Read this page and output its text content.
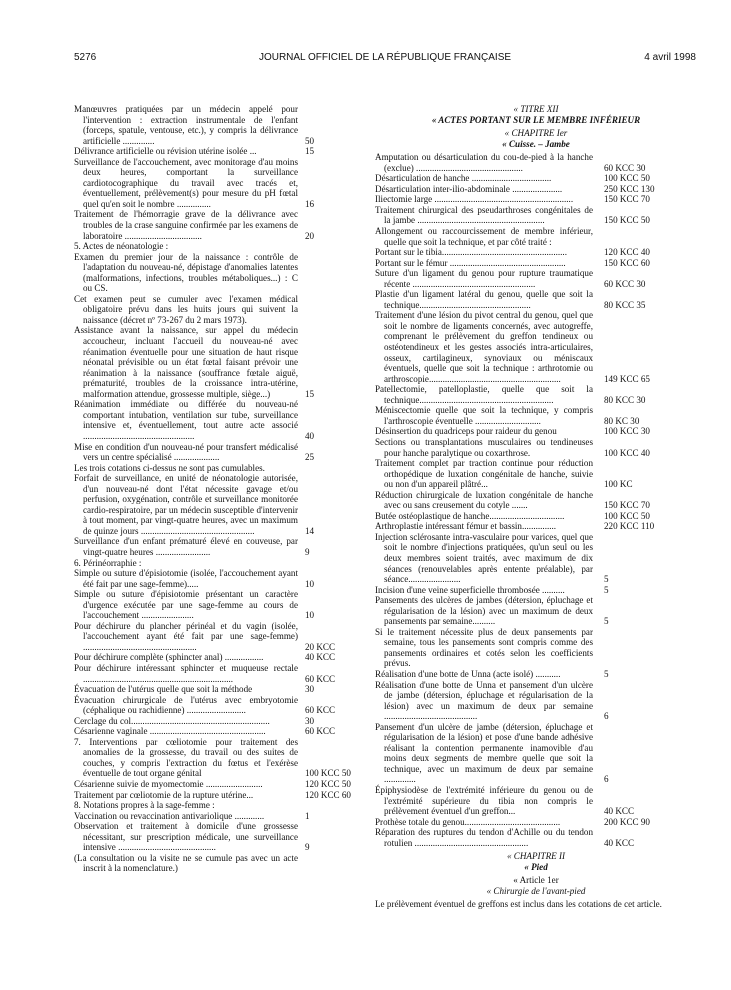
5276	JOURNAL OFFICIEL DE LA RÉPUBLIQUE FRANÇAISE	4 avril 1998
Manœuvres pratiquées par un médecin appelé pour l'intervention : extraction instrumentale de l'enfant (forceps, spatule, ventouse, etc.), y compris la délivrance artificielle ..............	50
Délivrance artificielle ou révision utérine isolée ...	15
Surveillance de l'accouchement, avec monitorage d'au moins deux heures, comportant la surveillance cardiotocographique du travail avec tracés et, éventuellement, prélèvement(s) pour mesure du pH fœtal quel qu'en soit le nombre ...............	16
Traitement de l'hémorragie grave de la délivrance avec troubles de la crase sanguine confirmée par les examens de laboratoire ..................................	20
5. Actes de néonatologie :
Examen du premier jour de la naissance : contrôle de l'adaptation du nouveau-né, dépistage d'anomalies latentes (malformations, infections, troubles métaboliques...) : C ou CS.
Cet examen peut se cumuler avec l'examen médical obligatoire prévu dans les huits jours qui suivent la naissance (décret nº 73-267 du 2 mars 1973).
Assistance avant la naissance, sur appel du médecin accoucheur, incluant l'accueil du nouveau-né avec réanimation éventuelle pour une situation de haut risque néonatal prévisible ou un état fœtal faisant prévoir une réanimation à la naissance (souffrance fœtale aiguë, prématurité, troubles de la croissance intra-utérine, malformation attendue, grossesse multiple, siège...)	15
Réanimation immédiate ou différée du nouveau-né comportant intubation, ventilation sur tube, surveillance intensive et, éventuellement, tout autre acte associé .................................................	40
Mise en condition d'un nouveau-né pour transfert médicalisé vers un centre spécialisé ....................	25
Les trois cotations ci-dessus ne sont pas cumulables.
Forfait de surveillance, en unité de néonatologie autorisée, d'un nouveau-né dont l'état nécessite gavage et/ou perfusion, oxygénation, contrôle et surveillance monitorée cardio-respiratoire, par un médecin susceptible d'intervenir à tout moment, par vingt-quatre heures, avec un maximum de quinze jours ..................................................	14
Surveillance d'un enfant prématuré élevé en couveuse, par vingt-quatre heures ........................	9
6. Périnéorraphie :
Simple ou suture d'épisiotomie (isolée, l'accouchement ayant été fait par une sage-femme).....	10
Simple ou suture d'épisiotomie présentant un caractère d'urgence exécutée par une sage-femme au cours de l'accouchement .......................	10
Pour déchirure du plancher périnéal et du vagin (isolée, l'accouchement ayant été fait par une sage-femme) ..................................................	20 KCC
Pour déchirure complète (sphincter anal) .................	40 KCC
Pour déchirure intéressant sphincter et muqueuse rectale ..................................................................	60 KCC
Évacuation de l'utérus quelle que soit la méthode	30
Évacuation chirurgicale de l'utérus avec embryotomie (céphalique ou rachidienne) ..........................	60 KCC
Cerclage du col.............................................................	30
Césarienne vaginale ...................................................	60 KCC
7. Interventions par cœliotomie pour traitement des anomalies de la grossesse, du travail ou des suites de couches, y compris l'extraction du fœtus et l'exérèse éventuelle de tout organe génital	100 KCC 50
Césarienne suivie de myomectomie .........................	120 KCC 50
Traitement par cœliotomie de la rupture utérine...	120 KCC 60
8. Notations propres à la sage-femme :
Vaccination ou revaccination antivariolique .............	1
Observation et traitement à domicile d'une grossesse nécessitant, sur prescription médicale, une surveillance intensive ...........................................	9
(La consultation ou la visite ne se cumule pas avec un acte inscrit à la nomenclature.)
« TITRE XII
« ACTES PORTANT SUR LE MEMBRE INFÉRIEUR
« CHAPITRE Ier
« Cuisse. – Jambe
Amputation ou désarticulation du cou-de-pied à la hanche (exclue) ...............................................	60 KCC 30
Désarticulation de hanche ...................................	100 KCC 50
Désarticulation inter-ilio-abdominale ......................	250 KCC 130
Iliectomie large .............................................................	150 KCC 70
Traitement chirurgical des pseudarthroses congénitales de la jambe ........................................................	150 KCC 50
Allongement ou raccourcissement de membre inférieur, quelle que soit la technique, et par côté traité :
Portant sur le tibia.......................................................	120 KCC 40
Portant sur le fémur ...................................................	150 KCC 60
Suture d'un ligament du genou pour rupture traumatique récente ......................................................	60 KCC 30
Plastie d'un ligament latéral du genou, quelle que soit la technique.................................................	80 KCC 35
Traitement d'une lésion du pivot central du genou, quel que soit le nombre de ligaments concernés, avec autogreffe, comprenant le prélèvement du greffon tendineux ou ostéotendineux et les gestes associés intra-articulaires, osseux, cartilagineux, synoviaux ou méniscaux éventuels, quelle que soit la technique : arthrotomie ou arthroscopie..........................................................	149 KCC 65
Patellectomie, patelloplastie, quelle que soit la technique...........................................................	80 KCC 30
Méniscectomie quelle que soit la technique, y compris l'arthroscopie éventuelle .............................	80 KC 30
Désinsertion du quadriceps pour raideur du genou	100 KCC 30
Sections ou transplantations musculaires ou tendineuses pour hanche paralytique ou coxarthrose.	100 KCC 40
Traitement complet par traction continue pour réduction orthopédique de luxation congénitale de hanche, suivie ou non d'un appareil plâtré...	100 KC
Réduction chirurgicale de luxation congénitale de hanche avec ou sans creusement du cotyle .......	150 KCC 70
Butée ostéoplastique de hanche.................................	100 KCC 50
Arthroplastie intéressant fémur et bassin...............	220 KCC 110
Injection sclérosante intra-vasculaire pour varices, quel que soit le nombre d'injections pratiquées, qu'un seul ou les deux membres soient traités, avec maximum de dix séances (renouvelables après entente préalable), par séance.......................	5
Incision d'une veine superficielle thrombosée ..........	5
Pansements des ulcères de jambes (détersion, épluchage et régularisation de la lésion) avec un maximum de deux pansements par semaine..........	5
Si le traitement nécessite plus de deux pansements par semaine, tous les pansements sont compris comme des pansements ordinaires et cotés selon les coefficients prévus.
Réalisation d'une botte de Unna (acte isolé) ...........	5
Réalisation d'une botte de Unna et pansement d'un ulcère de jambe (détersion, épluchage et régularisation de la lésion) avec un maximum de deux par semaine .........................................	6
Pansement d'un ulcère de jambe (détersion, épluchage et régularisation de la lésion) et pose d'une bande adhésive réalisant la contention permanente inamovible d'au moins deux segments de membre quelle que soit la technique, avec un maximum de deux par semaine ..............	6
Épiphysiodèse de l'extrémité inférieure du genou ou de l'extrémité supérieure du tibia non compris le prélèvement éventuel d'un greffon...	40 KCC
Prothèse totale du genou..........................................	200 KCC 90
Réparation des ruptures du tendon d'Achille ou du tendon rotulien ..................................................	40 KCC
« CHAPITRE II
« Pied
« Article 1er
« Chirurgie de l'avant-pied
Le prélèvement éventuel de greffons est inclus dans les cotations de cet article.
